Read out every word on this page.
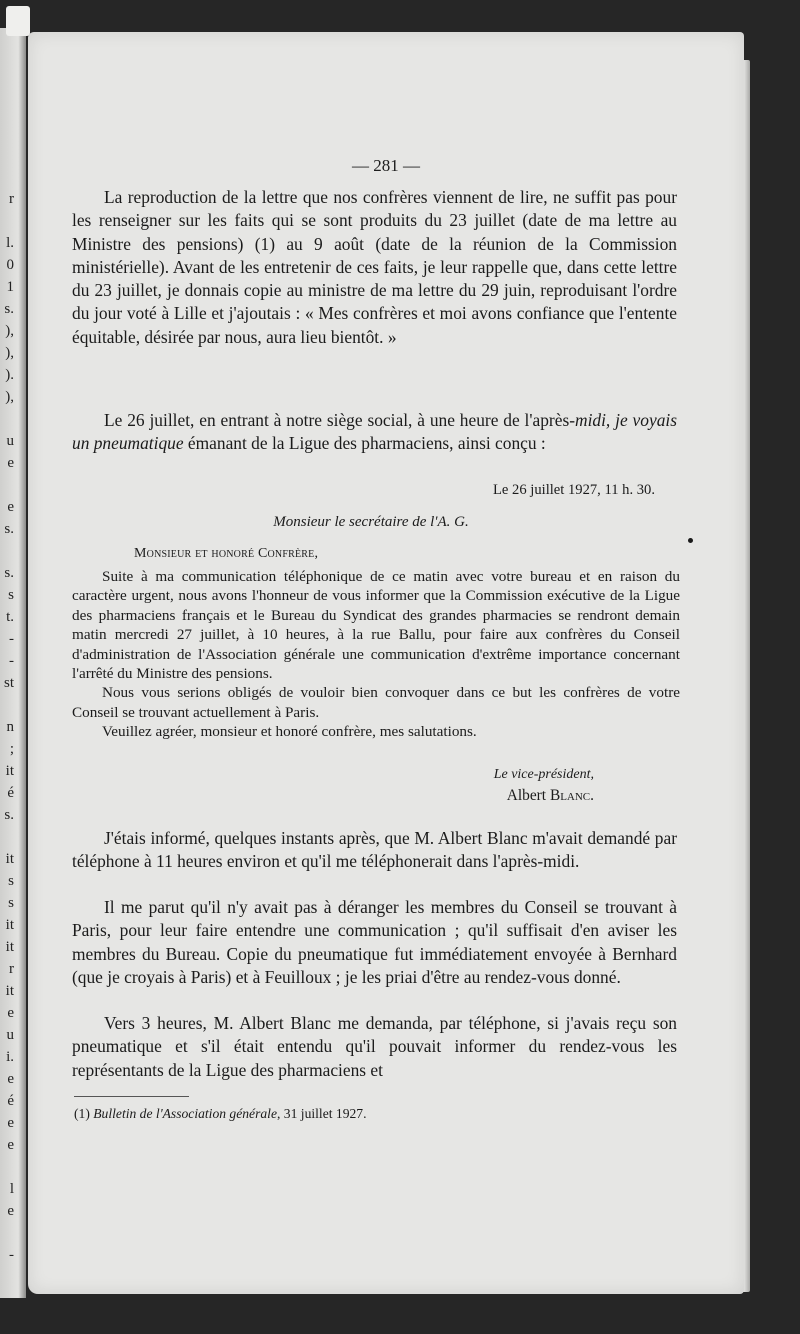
r

l.
0
1
s.
),
),
).
),

u
e

e
s.

s.
s
t.
-
-
st

n
;
it
é
s.

it
s
s
it
it
r
it
e
u
i.
e
é
e
e

l
e

-
— 281 —

La reproduction de la lettre que nos confrères viennent de lire, ne suffit pas pour les renseigner sur les faits qui se sont produits du 23 juillet (date de ma lettre au Ministre des pensions) (1) au 9 août (date de la réunion de la Commission ministérielle). Avant de les entretenir de ces faits, je leur rappelle que, dans cette lettre du 23 juillet, je donnais copie au ministre de ma lettre du 29 juin, reproduisant l'ordre du jour voté à Lille et j'ajoutais : « Mes confrères et moi avons confiance que l'entente équitable, désirée par nous, aura lieu bientôt. »

Le 26 juillet, en entrant à notre siège social, à une heure de l'après-midi, je voyais un pneumatique émanant de la Ligue des pharmaciens, ainsi conçu :

Le 26 juillet 1927, 11 h. 30.
Monsieur le secrétaire de l'A. G.
Monsieur et honoré Confrère,

Suite à ma communication téléphonique de ce matin avec votre bureau et en raison du caractère urgent, nous avons l'honneur de vous informer que la Commission exécutive de la Ligue des pharmaciens français et le Bureau du Syndicat des grandes pharmacies se rendront demain matin mercredi 27 juillet, à 10 heures, à la rue Ballu, pour faire aux confrères du Conseil d'administration de l'Association générale une communication d'extrême importance concernant l'arrêté du Ministre des pensions.

Nous vous serions obligés de vouloir bien convoquer dans ce but les confrères de votre Conseil se trouvant actuellement à Paris.

Veuillez agréer, monsieur et honoré confrère, mes salutations.

Le vice-président,
Albert Blanc.

J'étais informé, quelques instants après, que M. Albert Blanc m'avait demandé par téléphone à 11 heures environ et qu'il me téléphonerait dans l'après-midi.

Il me parut qu'il n'y avait pas à déranger les membres du Conseil se trouvant à Paris, pour leur faire entendre une communication ; qu'il suffisait d'en aviser les membres du Bureau. Copie du pneumatique fut immédiatement envoyée à Bernhard (que je croyais à Paris) et à Feuilloux ; je les priai d'être au rendez-vous donné.

Vers 3 heures, M. Albert Blanc me demanda, par téléphone, si j'avais reçu son pneumatique et s'il était entendu qu'il pouvait informer du rendez-vous les représentants de la Ligue des pharmaciens et

(1) Bulletin de l'Association générale, 31 juillet 1927.
